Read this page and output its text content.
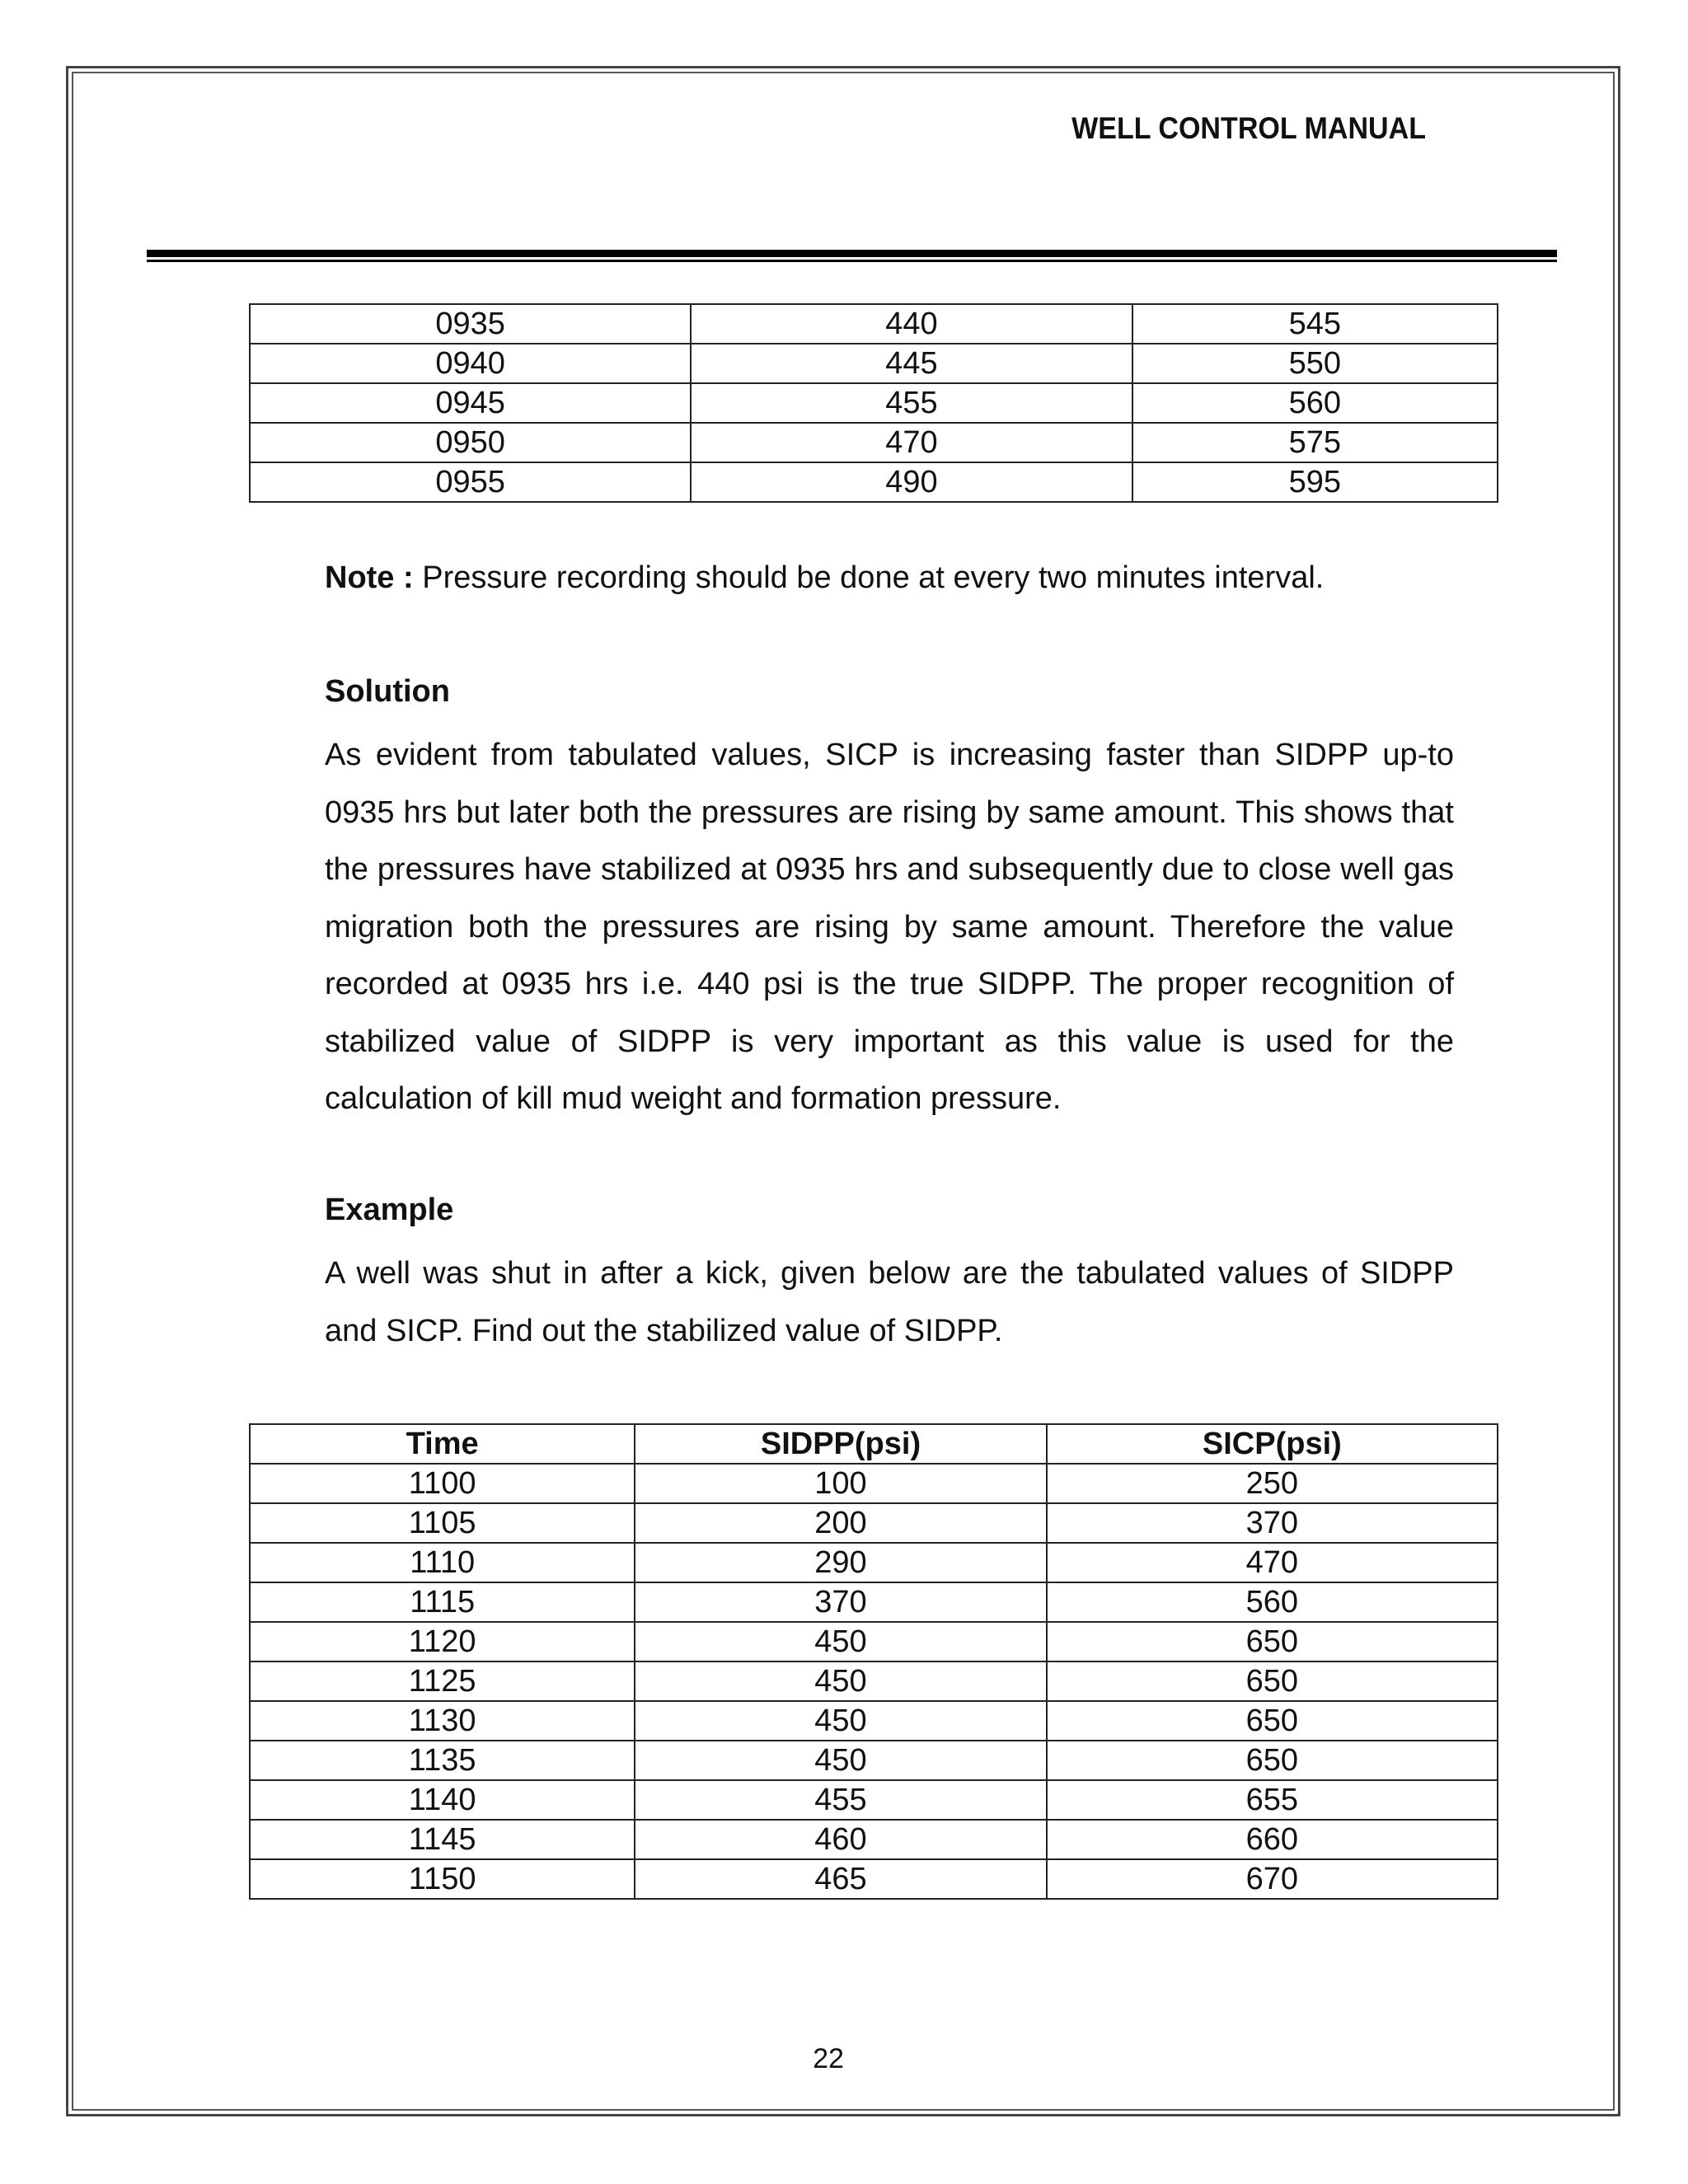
WELL CONTROL MANUAL
0935	440	545
0940	445	550
0945	455	560
0950	470	575
0955	490	595
Note : Pressure recording should be done at every two minutes interval.
Solution
As evident from tabulated values, SICP is increasing faster than SIDPP up-to 0935 hrs but later both the pressures are rising by same amount. This shows that the pressures have stabilized at 0935 hrs and subsequently due to close well gas migration both the pressures are rising by same amount. Therefore the value recorded at 0935 hrs i.e. 440 psi is the true SIDPP. The proper recognition of stabilized value of SIDPP is very important as this value is used for the calculation of kill mud weight and formation pressure.
Example
A well was shut in after a kick, given below are the tabulated values of SIDPP and SICP. Find out the stabilized value of SIDPP.
Time	SIDPP(psi)	SICP(psi)
1100	100	250
1105	200	370
1110	290	470
1115	370	560
1120	450	650
1125	450	650
1130	450	650
1135	450	650
1140	455	655
1145	460	660
1150	465	670
22
